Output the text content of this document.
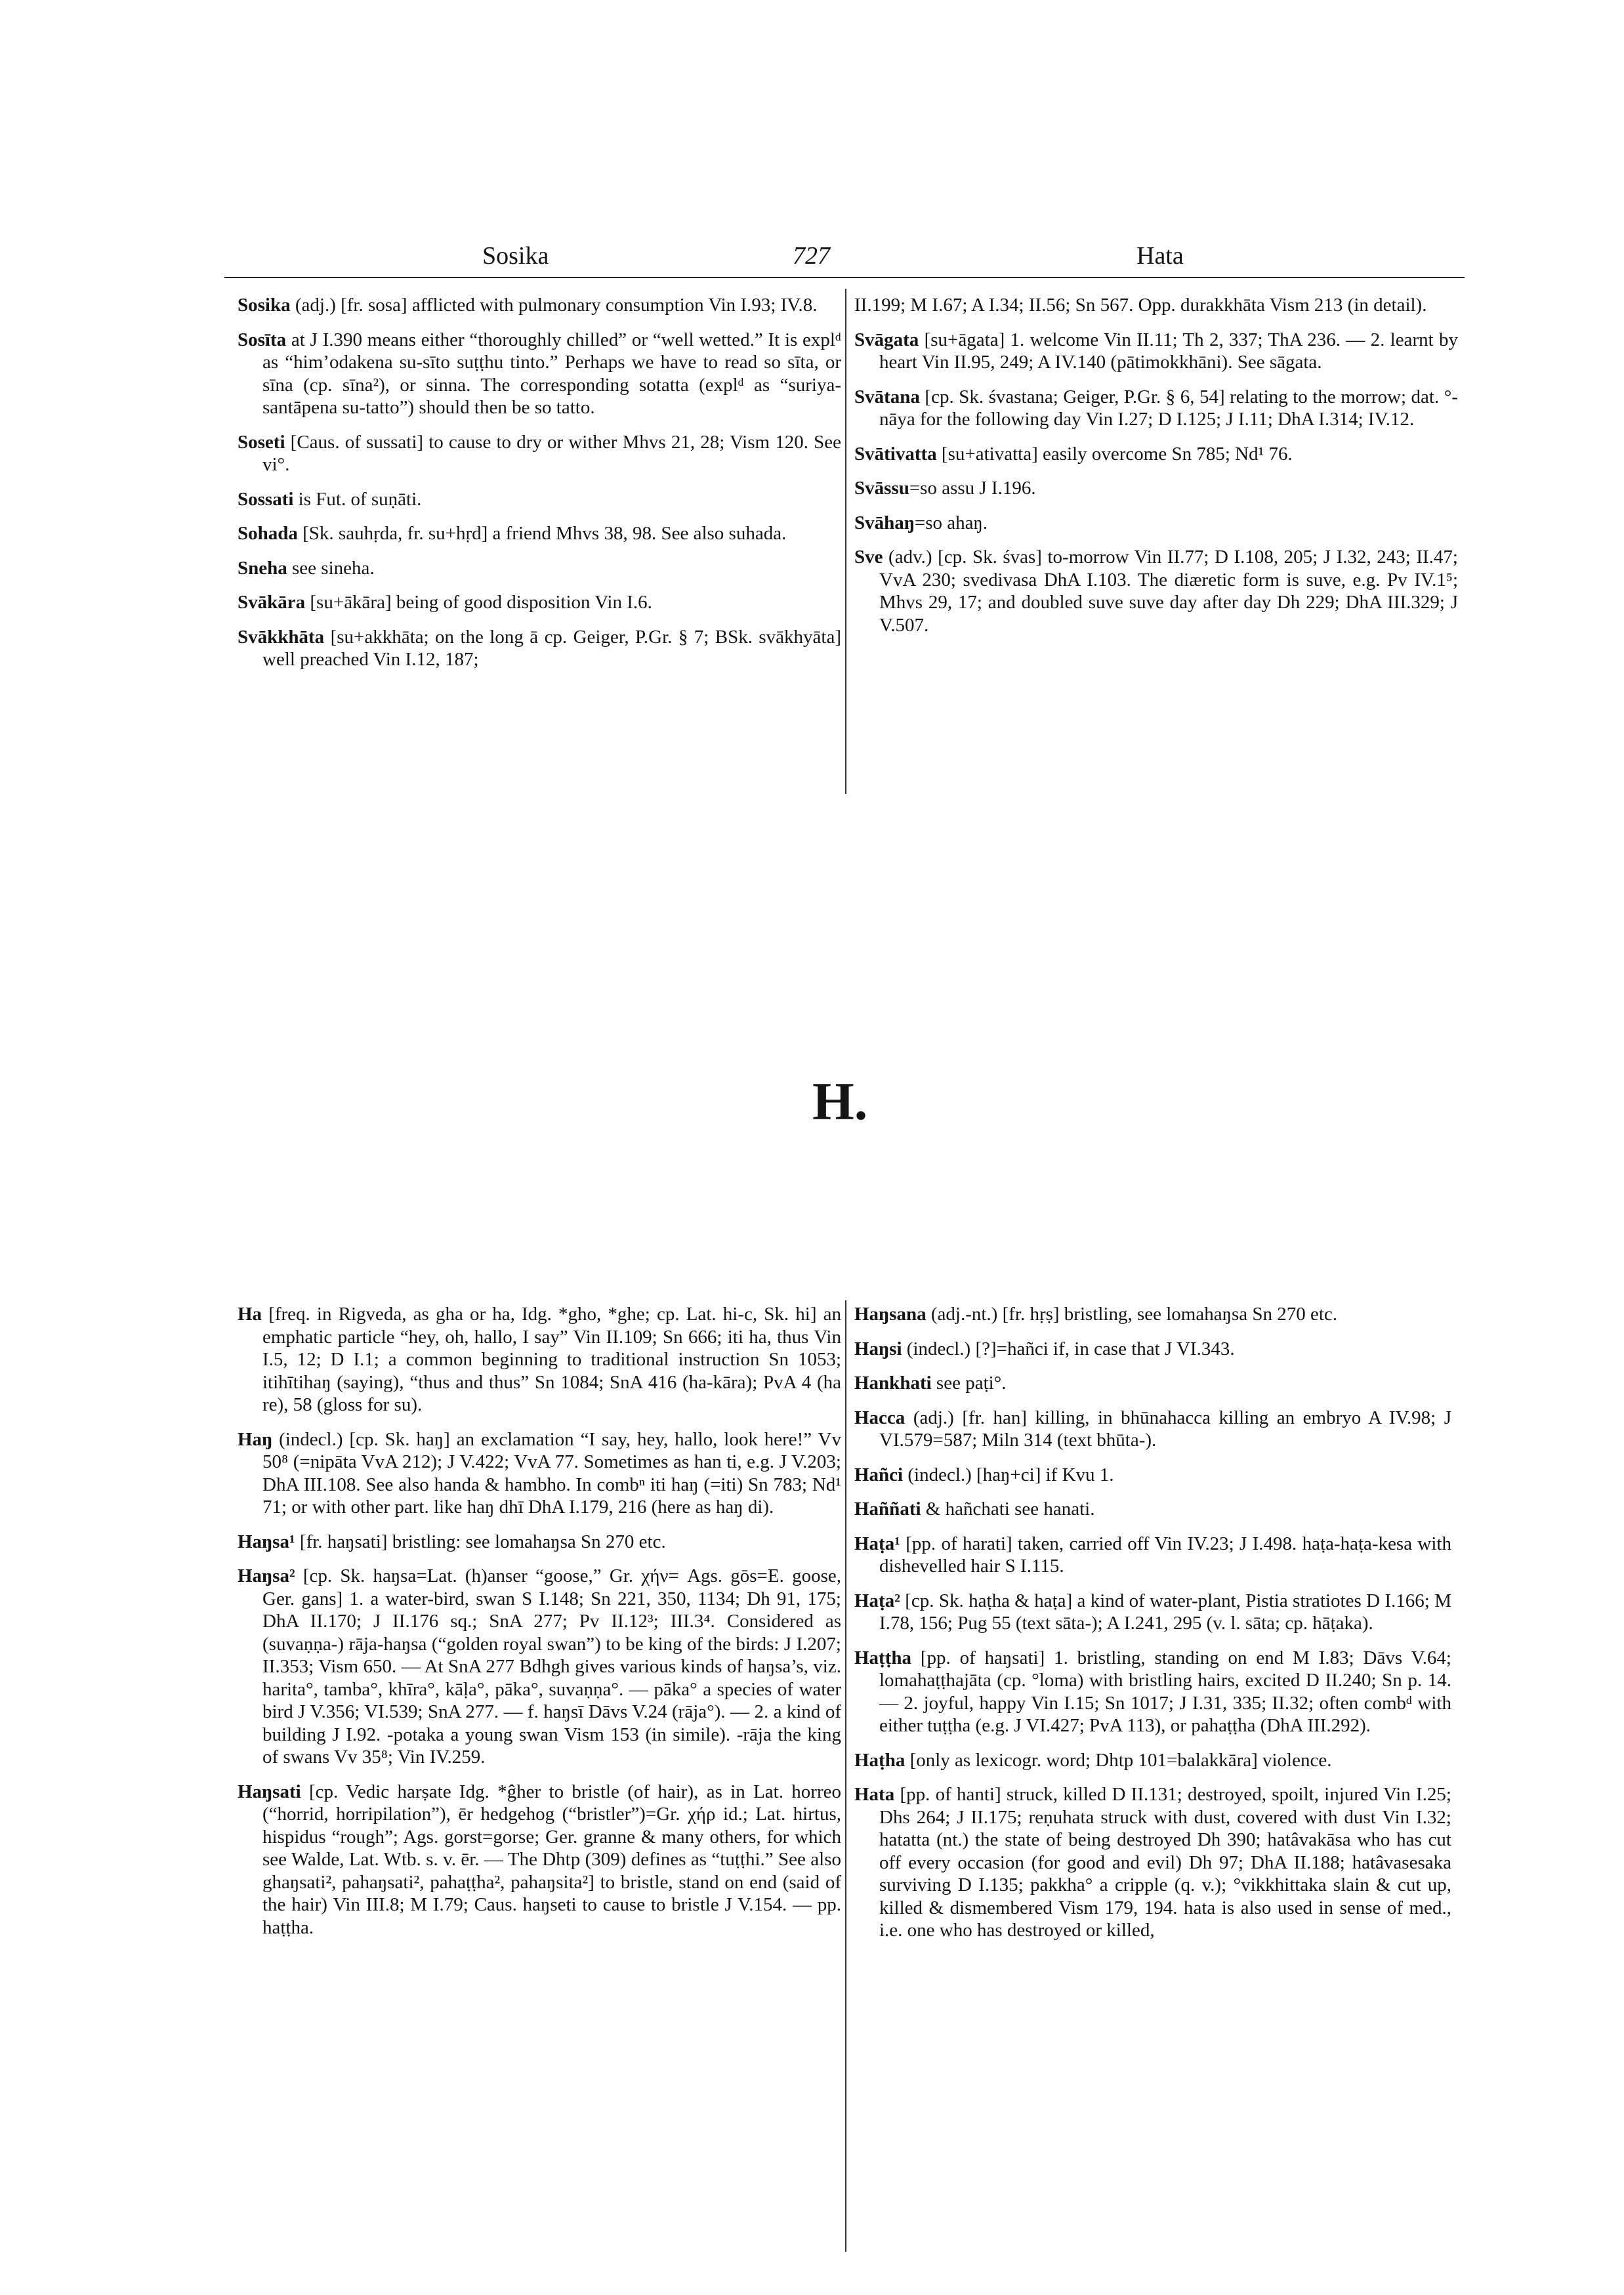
Sosika	727	Hata

Sosika (adj.) [fr. sosa] afflicted with pulmonary consumption Vin I.93; IV.8.

Sosīta at J I.390 means either “thoroughly chilled” or “well wetted.” It is explᵈ as “him’odakena su-sīto suṭṭhu tinto.” Perhaps we have to read so sīta, or sīna (cp. sīna²), or sinna. The corresponding sotatta (explᵈ as “suriya-santāpena su-tatto”) should then be so tatto.

Soseti [Caus. of sussati] to cause to dry or wither Mhvs 21, 28; Vism 120. See vi°.

Sossati is Fut. of suṇāti.

Sohada [Sk. sauhṛda, fr. su+hṛd] a friend Mhvs 38, 98. See also suhada.

Sneha see sineha.

Svākāra [su+ākāra] being of good disposition Vin I.6.

Svākkhāta [su+akkhāta; on the long ā cp. Geiger, P.Gr. § 7; BSk. svākhyāta] well preached Vin I.12, 187;

II.199; M I.67; A I.34; II.56; Sn 567. Opp. durakkhāta Vism 213 (in detail).

Svāgata [su+āgata] 1. welcome Vin II.11; Th 2, 337; ThA 236. — 2. learnt by heart Vin II.95, 249; A IV.140 (pātimokkhāni). See sāgata.

Svātana [cp. Sk. śvastana; Geiger, P.Gr. § 6, 54] relating to the morrow; dat. °-nāya for the following day Vin I.27; D I.125; J I.11; DhA I.314; IV.12.

Svātivatta [su+ativatta] easily overcome Sn 785; Nd¹ 76.

Svāssu=so assu J I.196.

Svāhaŋ=so ahaŋ.

Sve (adv.) [cp. Sk. śvas] to-morrow Vin II.77; D I.108, 205; J I.32, 243; II.47; VvA 230; svedivasa DhA I.103. The diæretic form is suve, e.g. Pv IV.1⁵; Mhvs 29, 17; and doubled suve suve day after day Dh 229; DhA III.329; J V.507.

H.

Ha [freq. in Rigveda, as gha or ha, Idg. *gho, *ghe; cp. Lat. hi-c, Sk. hi] an emphatic particle “hey, oh, hallo, I say” Vin II.109; Sn 666; iti ha, thus Vin I.5, 12; D I.1; a common beginning to traditional instruction Sn 1053; itihītihaŋ (saying), “thus and thus” Sn 1084; SnA 416 (ha-kāra); PvA 4 (ha re), 58 (gloss for su).

Haŋ (indecl.) [cp. Sk. haŋ] an exclamation “I say, hey, hallo, look here!” Vv 50⁸ (=nipāta VvA 212); J V.422; VvA 77. Sometimes as han ti, e.g. J V.203; DhA III.108. See also handa & hambho. In combⁿ iti haŋ (=iti) Sn 783; Nd¹ 71; or with other part. like haŋ dhī DhA I.179, 216 (here as haŋ di).

Haŋsa¹ [fr. haŋsati] bristling: see lomahaŋsa Sn 270 etc.

Haŋsa² [cp. Sk. haŋsa=Lat. (h)anser “goose,” Gr. χήν= Ags. gōs=E. goose, Ger. gans] 1. a water-bird, swan S I.148; Sn 221, 350, 1134; Dh 91, 175; DhA II.170; J II.176 sq.; SnA 277; Pv II.12³; III.3⁴. Considered as (suvaṇṇa-) rāja-haŋsa (“golden royal swan”) to be king of the birds: J I.207; II.353; Vism 650. — At SnA 277 Bdhgh gives various kinds of haŋsa’s, viz. harita°, tamba°, khīra°, kāḷa°, pāka°, suvaṇṇa°. — pāka° a species of water bird J V.356; VI.539; SnA 277. — f. haŋsī Dāvs V.24 (rāja°). — 2. a kind of building J I.92. -potaka a young swan Vism 153 (in simile). -rāja the king of swans Vv 35⁸; Vin IV.259.

Haŋsati [cp. Vedic harṣate Idg. *ĝher to bristle (of hair), as in Lat. horreo (“horrid, horripilation”), ēr hedgehog (“bristler”)=Gr. χήρ id.; Lat. hirtus, hispidus “rough”; Ags. gorst=gorse; Ger. granne & many others, for which see Walde, Lat. Wtb. s. v. ēr. — The Dhtp (309) defines as “tuṭṭhi.” See also ghaŋsati², pahaŋsati², pahaṭṭha², pahaŋsita²] to bristle, stand on end (said of the hair) Vin III.8; M I.79; Caus. haŋseti to cause to bristle J V.154. — pp. haṭṭha.

Haŋsana (adj.-nt.) [fr. hṛṣ] bristling, see lomahaŋsa Sn 270 etc.

Haŋsi (indecl.) [?]=hañci if, in case that J VI.343.

Hankhati see paṭi°.

Hacca (adj.) [fr. han] killing, in bhūnahacca killing an embryo A IV.98; J VI.579=587; Miln 314 (text bhūta-).

Hañci (indecl.) [haŋ+ci] if Kvu 1.

Haññati & hañchati see hanati.

Haṭa¹ [pp. of harati] taken, carried off Vin IV.23; J I.498. haṭa-haṭa-kesa with dishevelled hair S I.115.

Haṭa² [cp. Sk. haṭha & haṭa] a kind of water-plant, Pistia stratiotes D I.166; M I.78, 156; Pug 55 (text sāta-); A I.241, 295 (v. l. sāta; cp. hāṭaka).

Haṭṭha [pp. of haŋsati] 1. bristling, standing on end M I.83; Dāvs V.64; lomahaṭṭhajāta (cp. °loma) with bristling hairs, excited D II.240; Sn p. 14. — 2. joyful, happy Vin I.15; Sn 1017; J I.31, 335; II.32; often combᵈ with either tuṭṭha (e.g. J VI.427; PvA 113), or pahaṭṭha (DhA III.292).

Haṭha [only as lexicogr. word; Dhtp 101=balakkāra] violence.

Hata [pp. of hanti] struck, killed D II.131; destroyed, spoilt, injured Vin I.25; Dhs 264; J II.175; reṇuhata struck with dust, covered with dust Vin I.32; hatatta (nt.) the state of being destroyed Dh 390; hatâvakāsa who has cut off every occasion (for good and evil) Dh 97; DhA II.188; hatâvasesaka surviving D I.135; pakkha° a cripple (q. v.); °vikkhittaka slain & cut up, killed & dismembered Vism 179, 194. hata is also used in sense of med., i.e. one who has destroyed or killed,
